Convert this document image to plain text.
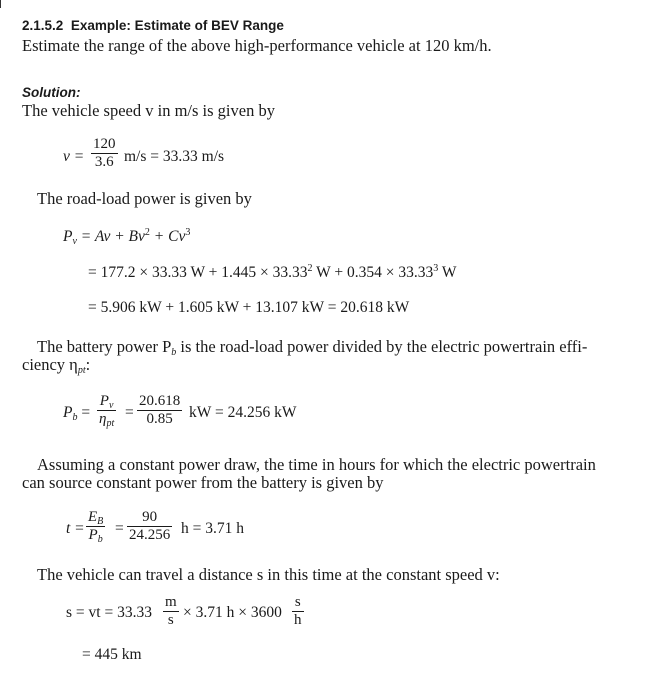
2.1.5.2 Example: Estimate of BEV Range
Estimate the range of the above high-performance vehicle at 120 km/h.
Solution:
The vehicle speed v in m/s is given by
$v = \frac{120}{3.6} m/s = 33.33$ m/s
The road-load power is given by
$P_v = Av + Bv^2 + Cv^3$
= 177.2 × 33.33 $W + 1.445 \times 33.33^2$ $W + 0.354 \times 33.33^3$ W
= 5.906 kW + 1.605 kW + 13.107 kW = 20.618 kW
The battery power $P_b$ is the road-load power divided by the electric powertrain effi-
ciency $\eta_{pt}$:
$P_b$ =
$P_v$
$\eta_{pt}$
= $\frac{20.618}{0.85}$ kW = 24.256 kW
Assuming a constant power draw, the time in hours for which the electric powertrain
can source constant power from the battery is given by
$t = \frac{E_B}{P_b} = \frac{90}{24.256}$ h = 3.71 h
The vehicle can travel a distance s in this time at the constant speed v:
s = vt = $33.33 \frac{m}{s} \times 3.71$ $h \times 3600 \frac{s}{h}$
= 445 km
